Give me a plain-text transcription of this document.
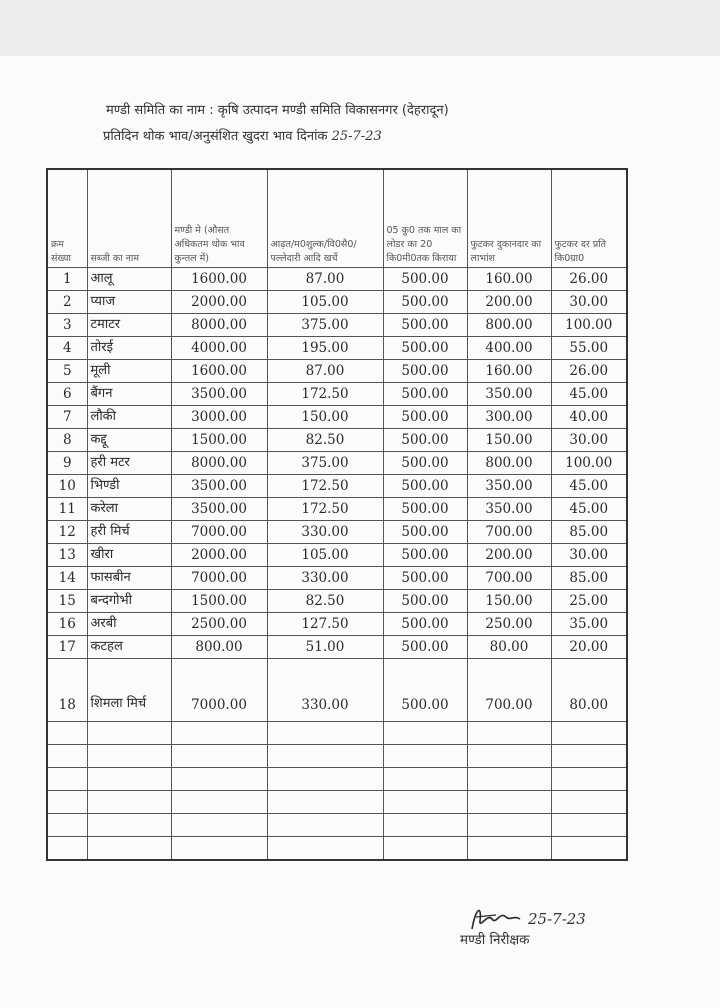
मण्डी समिति का नाम : कृषि उत्पादन मण्डी समिति विकासनगर (देहरादून)
प्रतिदिन थोक भाव/अनुसंशित खुदरा भाव दिनांक 25-7-23
क्रम संख्या	सब्जी का नाम	मण्डी मे (औसत अधिकतम थोक भाव कुन्तल में)	आढ़त/म0शुल्क/वि0सै0/पल्लेदारी आदि खर्चे	05 कु0 तक माल का लोडर का 20 कि0मी0तक किराया	फुटकर दुकानदार का लाभांश	फुटकर दर प्रति कि0ग्रा0
1	आलू	1600.00	87.00	500.00	160.00	26.00
2	प्याज	2000.00	105.00	500.00	200.00	30.00
3	टमाटर	8000.00	375.00	500.00	800.00	100.00
4	तोरई	4000.00	195.00	500.00	400.00	55.00
5	मूली	1600.00	87.00	500.00	160.00	26.00
6	बैंगन	3500.00	172.50	500.00	350.00	45.00
7	लौकी	3000.00	150.00	500.00	300.00	40.00
8	कद्दू	1500.00	82.50	500.00	150.00	30.00
9	हरी मटर	8000.00	375.00	500.00	800.00	100.00
10	भिण्डी	3500.00	172.50	500.00	350.00	45.00
11	करेला	3500.00	172.50	500.00	350.00	45.00
12	हरी मिर्च	7000.00	330.00	500.00	700.00	85.00
13	खीरा	2000.00	105.00	500.00	200.00	30.00
14	फासबीन	7000.00	330.00	500.00	700.00	85.00
15	बन्दगोभी	1500.00	82.50	500.00	150.00	25.00
16	अरबी	2500.00	127.50	500.00	250.00	35.00
17	कटहल	800.00	51.00	500.00	80.00	20.00
18	शिमला मिर्च	7000.00	330.00	500.00	700.00	80.00

25-7-23
मण्डी निरीक्षक
